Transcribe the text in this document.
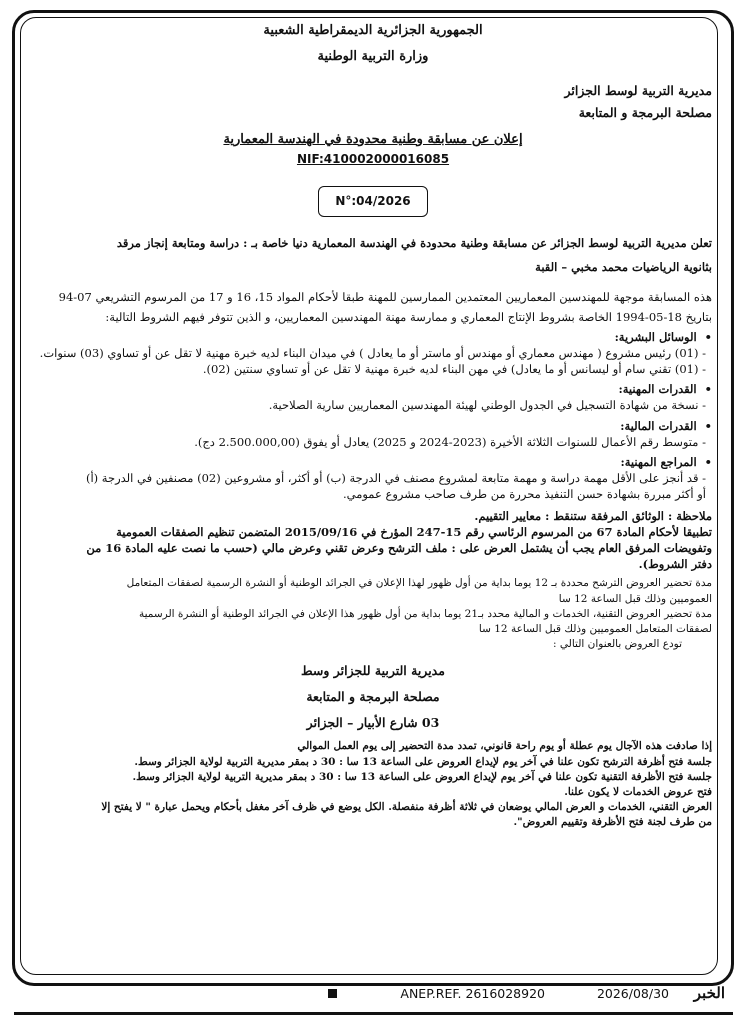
الجمهورية الجزائرية الديمقراطية الشعبية
وزارة التربية الوطنية
مديرية التربية لوسط الجزائر
مصلحة البرمجة و المتابعة
إعلان عن مسابقة وطنية محدودة في الهندسة المعمارية
NIF:410002000016085
N°:04/2026

تعلن مديرية التربية لوسط الجزائر عن مسابقة وطنية محدودة في الهندسة المعمارية دنيا خاصة بـ : دراسة ومتابعة إنجاز مرقد

بثانوية الرياضيات محمد مخبي – القبة

هذه المسابقة موجهة للمهندسين المعماريين المعتمدين الممارسين للمهنة طبقا لأحكام المواد 15، 16 و 17 من المرسوم التشريعي 07-94

بتاريخ 18-05-1994 الخاصة بشروط الإنتاج المعماري و ممارسة مهنة المهندسين المعماريين، و الذين تتوفر فيهم الشروط التالية:

• الوسائل البشرية:

- (01) رئيس مشروع ( مهندس معماري أو مهندس أو ماستر أو ما يعادل ) في ميدان البناء لديه خبرة مهنية لا تقل عن أو تساوي (03) سنوات.

- (01) تقني سام أو ليسانس أو ما يعادل) في مهن البناء لديه خبرة مهنية لا تقل عن أو تساوي سنتين (02).

• القدرات المهنية:

- نسخة من شهادة التسجيل في الجدول الوطني لهيئة المهندسين المعماريين سارية الصلاحية.

• القدرات المالية:

- متوسط رقم الأعمال للسنوات الثلاثة الأخيرة (2023-2024 و 2025) يعادل أو يفوق (2.500.000,00 دج).

• المراجع المهنية:

- قد أنجز على الأقل مهمة دراسة و مهمة متابعة لمشروع مصنف في الدرجة (ب) أو أكثر، أو مشروعين (02) مصنفين في الدرجة (أ)

أو أكثر مبررة بشهادة حسن التنفيذ محررة من طرف صاحب مشروع عمومي.

ملاحظة : الوثائق المرفقة ستنقط : معايير التقييم.

تطبيقا لأحكام المادة 67 من المرسوم الرئاسي رقم 15-247 المؤرخ في 2015/09/16 المتضمن تنظيم الصفقات العمومية

وتفويضات المرفق العام يجب أن يشتمل العرض على : ملف الترشح وعرض تقني وعرض مالي (حسب ما نصت عليه المادة 16 من

دفتر الشروط).

مدة تحضير العروض الترشح محددة بـ 12 يوما بداية من أول ظهور لهذا الإعلان في الجرائد الوطنية أو النشرة الرسمية لصفقات المتعامل

العموميين وذلك قبل الساعة 12 سا

مدة تحضير العروض التقنية، الخدمات و المالية محدد بـ21 يوما بداية من أول ظهور هذا الإعلان في الجرائد الوطنية أو النشرة الرسمية

لصفقات المتعامل العموميين وذلك قبل الساعة 12 سا

تودع العروض بالعنوان التالي :

مديرية التربية للجزائر وسط
مصلحة البرمجة و المتابعة
03 شارع الأبيار – الجزائر

إذا صادفت هذه الآجال يوم عطلة أو يوم راحة قانوني، تمدد مدة التحضير إلى يوم العمل الموالي

جلسة فتح أظرفة الترشح تكون علنا في آخر يوم لإيداع العروض على الساعة 13 سا : 30 د بمقر مديرية التربية لولاية الجزائر وسط.

جلسة فتح الأظرفة التقنية تكون علنا في آخر يوم لإيداع العروض على الساعة 13 سا : 30 د بمقر مديرية التربية لولاية الجزائر وسط.

فتح عروض الخدمات لا يكون علنا.

العرض التقني، الخدمات و العرض المالي يوضعان في ثلاثة أظرفة منفصلة. الكل يوضع في ظرف آخر مغفل بأحكام ويحمل عبارة " لا يفتح إلا

من طرف لجنة فتح الأظرفة وتقييم العروض".

ANEP.REF. 2616028920	2026/08/30 الخبر
